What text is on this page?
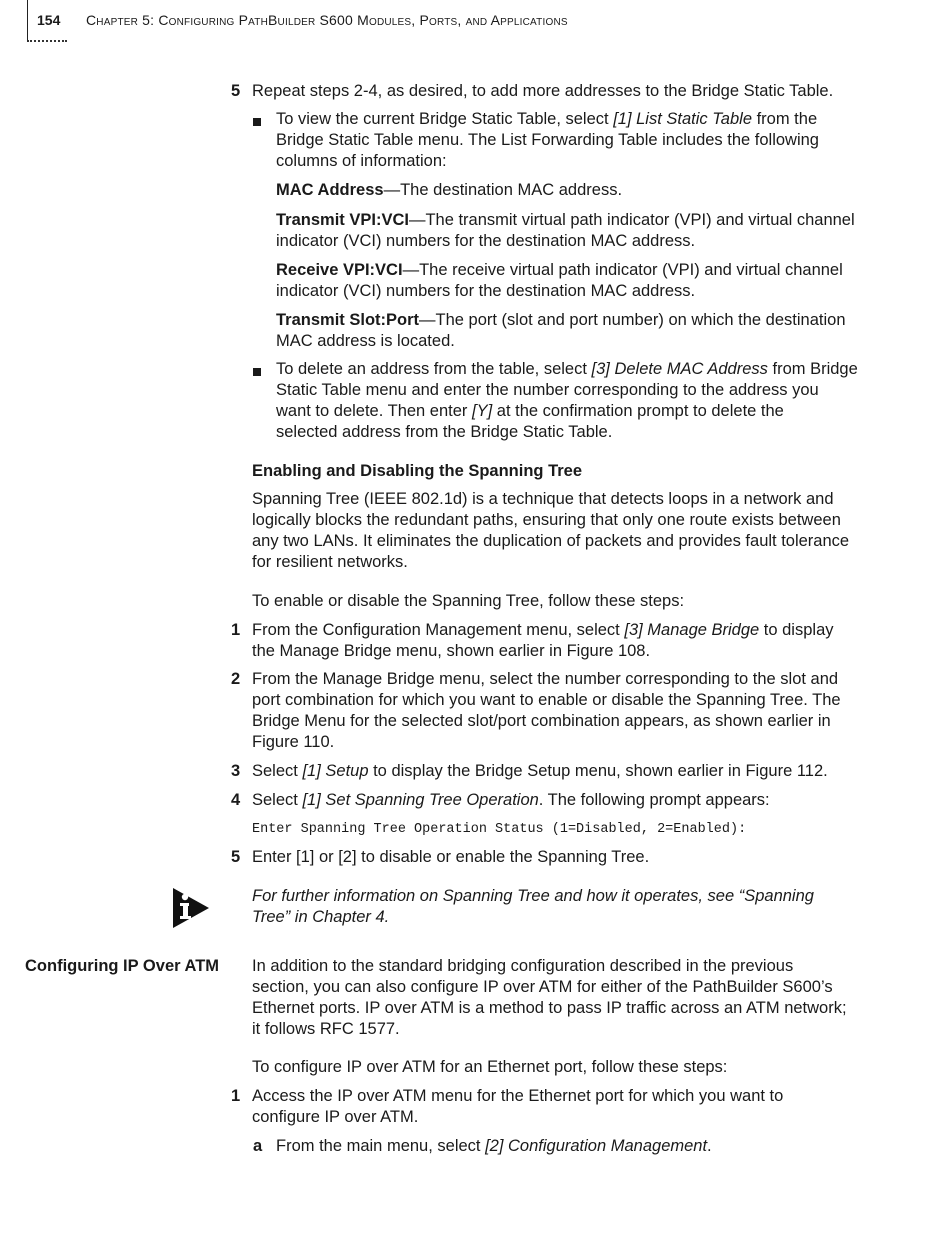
154 Chapter 5: Configuring PathBuilder S600 Modules, Ports, and Applications
5 Repeat steps 2-4, as desired, to add more addresses to the Bridge Static Table.
To view the current Bridge Static Table, select [1] List Static Table from the
Bridge Static Table menu. The List Forwarding Table includes the following
columns of information:
MAC Address—The destination MAC address.
Transmit VPI:VCI—The transmit virtual path indicator (VPI) and virtual channel
indicator (VCI) numbers for the destination MAC address.
Receive VPI:VCI—The receive virtual path indicator (VPI) and virtual channel
indicator (VCI) numbers for the destination MAC address.
Transmit Slot:Port—The port (slot and port number) on which the destination
MAC address is located.
To delete an address from the table, select [3] Delete MAC Address from Bridge
Static Table menu and enter the number corresponding to the address you
want to delete. Then enter [Y] at the confirmation prompt to delete the
selected address from the Bridge Static Table.
Enabling and Disabling the Spanning Tree
Spanning Tree (IEEE 802.1d) is a technique that detects loops in a network and
logically blocks the redundant paths, ensuring that only one route exists between
any two LANs. It eliminates the duplication of packets and provides fault tolerance
for resilient networks.
To enable or disable the Spanning Tree, follow these steps:
1 From the Configuration Management menu, select [3] Manage Bridge to display
the Manage Bridge menu, shown earlier in Figure 108.
2 From the Manage Bridge menu, select the number corresponding to the slot and
port combination for which you want to enable or disable the Spanning Tree. The
Bridge Menu for the selected slot/port combination appears, as shown earlier in
Figure 110.
3 Select [1] Setup to display the Bridge Setup menu, shown earlier in Figure 112.
4 Select [1] Set Spanning Tree Operation. The following prompt appears:
Enter Spanning Tree Operation Status (1=Disabled, 2=Enabled):
5 Enter [1] or [2] to disable or enable the Spanning Tree.
For further information on Spanning Tree and how it operates, see “Spanning
Tree” in Chapter 4.
Configuring IP Over ATM In addition to the standard bridging configuration described in the previous
section, you can also configure IP over ATM for either of the PathBuilder S600’s
Ethernet ports. IP over ATM is a method to pass IP traffic across an ATM network;
it follows RFC 1577.
To configure IP over ATM for an Ethernet port, follow these steps:
1 Access the IP over ATM menu for the Ethernet port for which you want to
configure IP over ATM.
a From the main menu, select [2] Configuration Management.
